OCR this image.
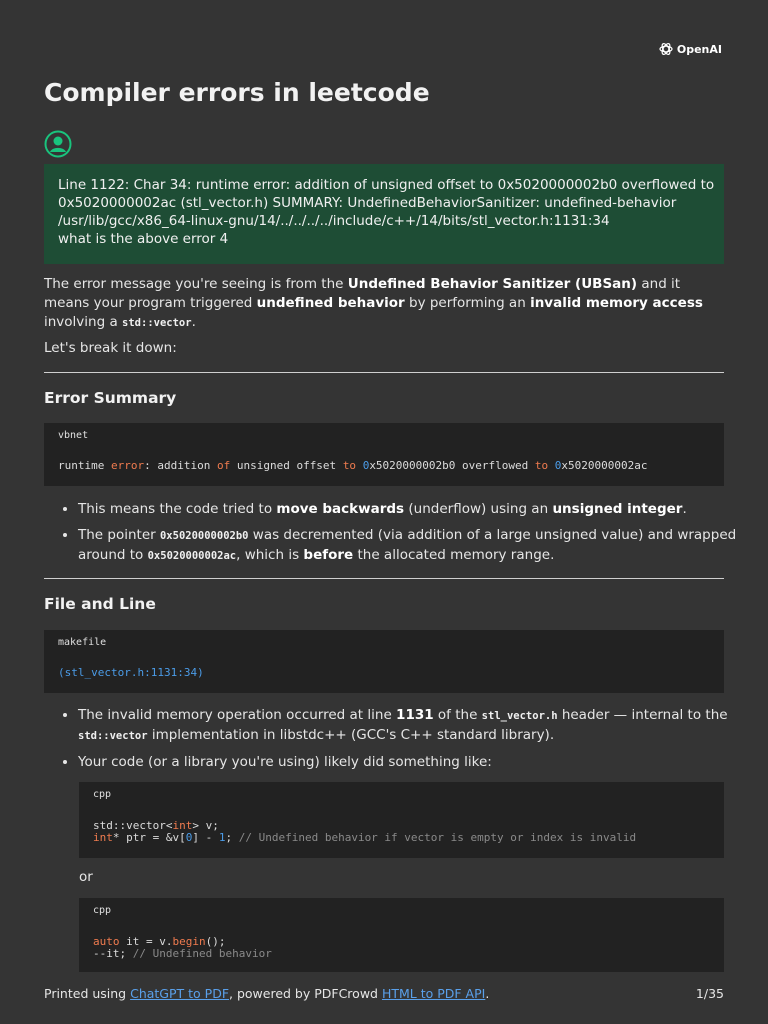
OpenAI
Compiler errors in leetcode
Line 1122: Char 34: runtime error: addition of unsigned offset to 0x5020000002b0 overflowed to
0x5020000002ac (stl_vector.h) SUMMARY: UndefinedBehaviorSanitizer: undefined-behavior
/usr/lib/gcc/x86_64-linux-gnu/14/../../../../include/c++/14/bits/stl_vector.h:1131:34
what is the above error 4

The error message you're seeing is from the Undefined Behavior Sanitizer (UBSan) and it means your program triggered undefined behavior by performing an invalid memory access involving a std::vector.

Let's break it down:

Error Summary
vbnet
runtime error: addition of unsigned offset to 0x5020000002b0 overflowed to 0x5020000002ac
• This means the code tried to move backwards (underflow) using an unsigned integer.
• The pointer 0x5020000002b0 was decremented (via addition of a large unsigned value) and wrapped around to 0x5020000002ac, which is before the allocated memory range.
File and Line
makefile
(stl_vector.h:1131:34)
• The invalid memory operation occurred at line 1131 of the stl_vector.h header — internal to the std::vector implementation in libstdc++ (GCC's C++ standard library).
• Your code (or a library you're using) likely did something like:
cpp
std::vector<int> v;
int* ptr = &v[0] - 1; // Undefined behavior if vector is empty or index is invalid
or
cpp
auto it = v.begin();
--it; // Undefined behavior
Printed using ChatGPT to PDF, powered by PDFCrowd HTML to PDF API.	1/35
